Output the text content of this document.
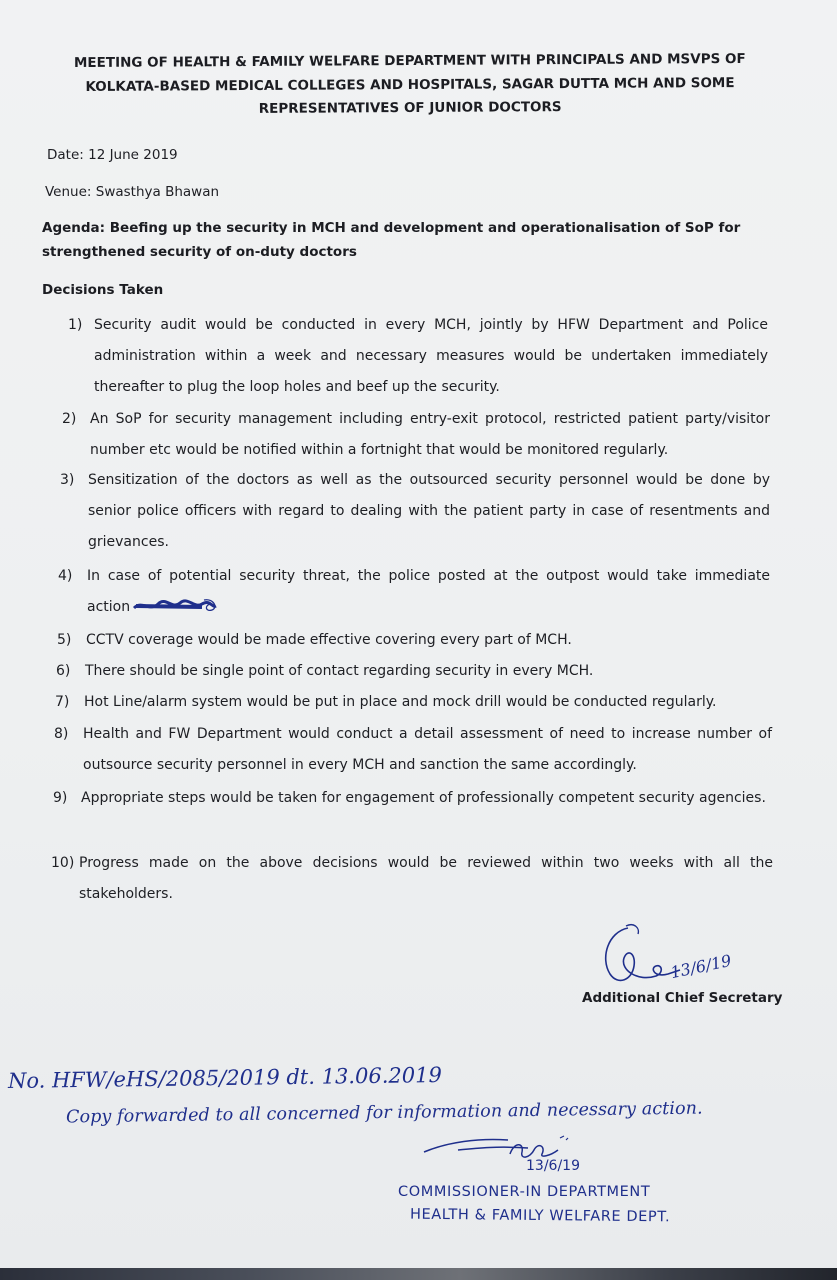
MEETING OF HEALTH & FAMILY WELFARE DEPARTMENT WITH PRINCIPALS AND MSVPS OF KOLKATA-BASED MEDICAL COLLEGES AND HOSPITALS, SAGAR DUTTA MCH AND SOME REPRESENTATIVES OF JUNIOR DOCTORS
Date: 12 June 2019
Venue: Swasthya Bhawan
Agenda: Beefing up the security in MCH and development and operationalisation of SoP for strengthened security of on-duty doctors
Decisions Taken
1) Security audit would be conducted in every MCH, jointly by HFW Department and Police administration within a week and necessary measures would be undertaken immediately thereafter to plug the loop holes and beef up the security.
2) An SoP for security management including entry-exit protocol, restricted patient party/visitor number etc would be notified within a fortnight that would be monitored regularly.
3) Sensitization of the doctors as well as the outsourced security personnel would be done by senior police officers with regard to dealing with the patient party in case of resentments and grievances.
4)	In case of potential security threat, the police posted at the outpost would take immediate action
5)	CCTV coverage would be made effective covering every part of MCH.
6)	There should be single point of contact regarding security in every MCH.
7)	Hot Line/alarm system would be put in place and mock drill would be conducted regularly.
8)	Health and FW Department would conduct a detail assessment of need to increase number of outsource security personnel in every MCH and sanction the same accordingly.
9) Appropriate steps would be taken for engagement of professionally competent security agencies.
10) Progress made on the above decisions would be reviewed within two weeks with all the stakeholders.
13/6/19
Additional Chief Secretary
No. HFW/eHS/2085/2019 dt. 13.06.2019
Copy forwarded to all concerned for information and necessary action.
13/6/19
COMMISSIONER-IN DEPARTMENT
HEALTH & FAMILY WELFARE DEPT.
